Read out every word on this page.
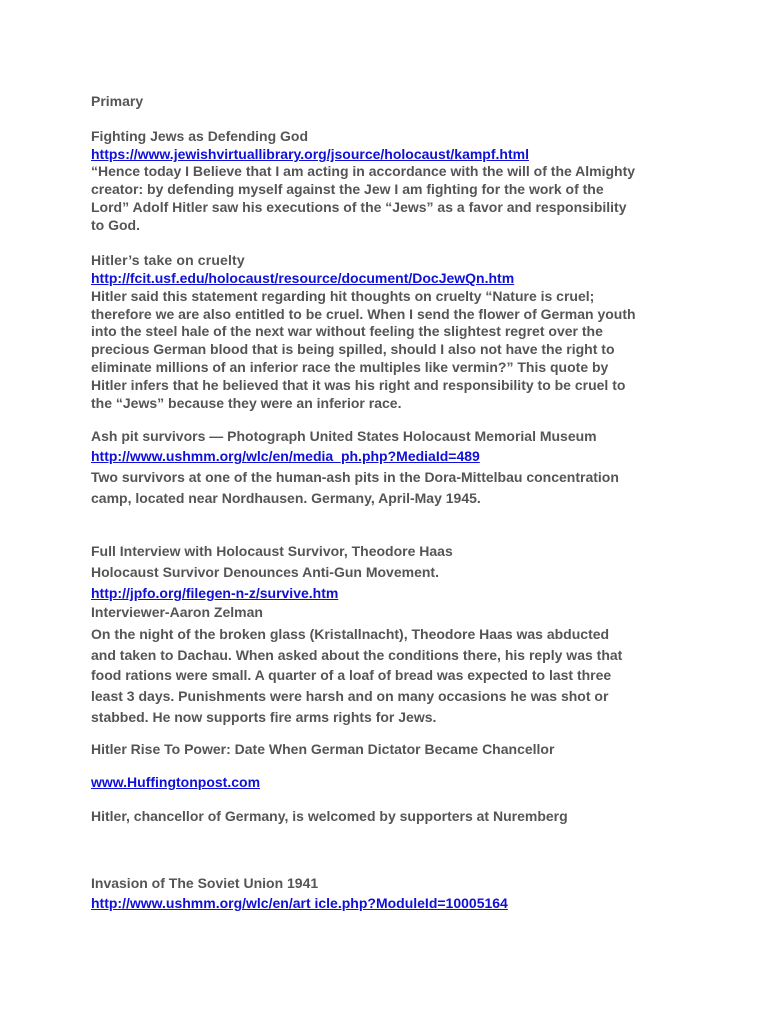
Primary
Fighting Jews as Defending God
https://www.jewishvirtuallibrary.org/jsource/holocaust/kampf.html
“Hence today I Believe that I am acting in accordance with the will of the Almighty
creator: by defending myself against the Jew I am fighting for the work of the
Lord” Adolf Hitler saw his executions of the “Jews” as a favor and responsibility
to God.
Hitler’s take on cruelty
http://fcit.usf.edu/holocaust/resource/document/DocJewQn.htm
Hitler said this statement regarding hit thoughts on cruelty “Nature is cruel;
therefore we are also entitled to be cruel. When I send the flower of German youth
into the steel hale of the next war without feeling the slightest regret over the
precious German blood that is being spilled, should I also not have the right to
eliminate millions of an inferior race the multiples like vermin?” This quote by
Hitler infers that he believed that it was his right and responsibility to be cruel to
the “Jews” because they were an inferior race.
Ash pit survivors — Photograph United States Holocaust Memorial Museum
http://www.ushmm.org/wlc/en/media_ph.php?MediaId=489
Two survivors at one of the human-ash pits in the Dora-Mittelbau concentration
camp, located near Nordhausen. Germany, April-May 1945.
Full Interview with Holocaust Survivor, Theodore Haas
Holocaust Survivor Denounces Anti-Gun Movement.
http://jpfo.org/filegen-n-z/survive.htm
Interviewer-Aaron Zelman
On the night of the broken glass (Kristallnacht), Theodore Haas was abducted
and taken to Dachau. When asked about the conditions there, his reply was that
food rations were small. A quarter of a loaf of bread was expected to last three
least 3 days. Punishments were harsh and on many occasions he was shot or
stabbed. He now supports fire arms rights for Jews.
Hitler Rise To Power: Date When German Dictator Became Chancellor
www.Huffingtonpost.com
Hitler, chancellor of Germany, is welcomed by supporters at Nuremberg
Invasion of The Soviet Union 1941
http://www.ushmm.org/wlc/en/art icle.php?ModuleId=10005164
